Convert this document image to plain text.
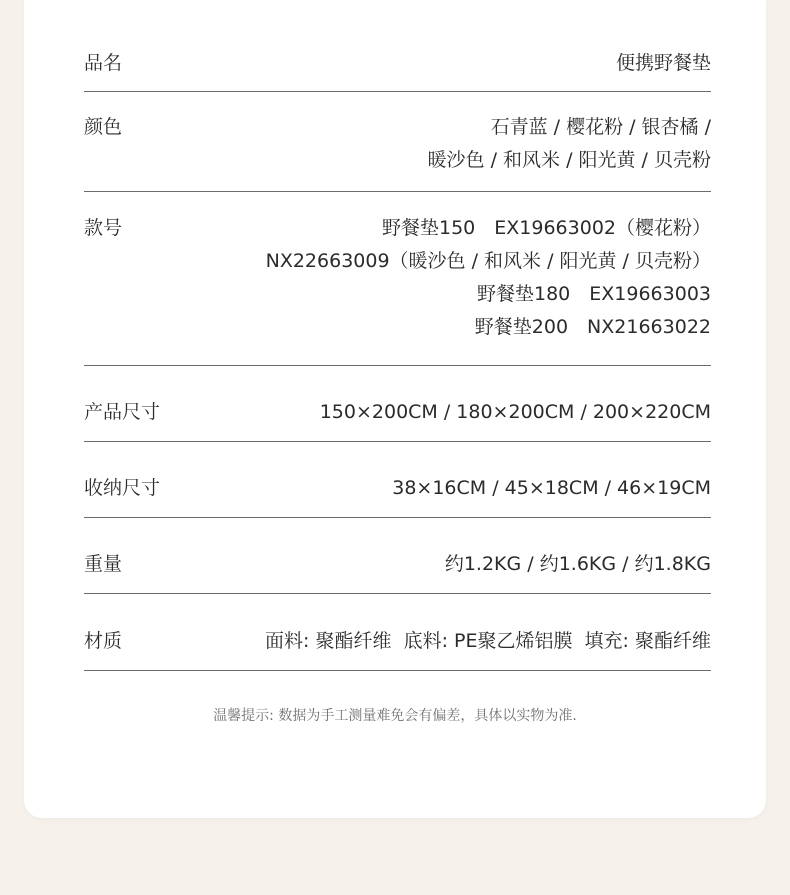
品名	便携野餐垫
颜色	石青蓝 / 樱花粉 / 银杏橘 /
暖沙色 / 和风米 / 阳光黄 / 贝壳粉
款号	野餐垫150　EX19663002（樱花粉）
NX22663009（暖沙色 / 和风米 / 阳光黄 / 贝壳粉）
野餐垫180　EX19663003
野餐垫200　NX21663022
产品尺寸	150×200CM / 180×200CM / 200×220CM
收纳尺寸	38×16CM / 45×18CM / 46×19CM
重量	约1.2KG / 约1.6KG / 约1.8KG
材质	面料: 聚酯纤维  底料: PE聚乙烯铝膜  填充: 聚酯纤维
温馨提示: 数据为手工测量难免会有偏差，具体以实物为准.
